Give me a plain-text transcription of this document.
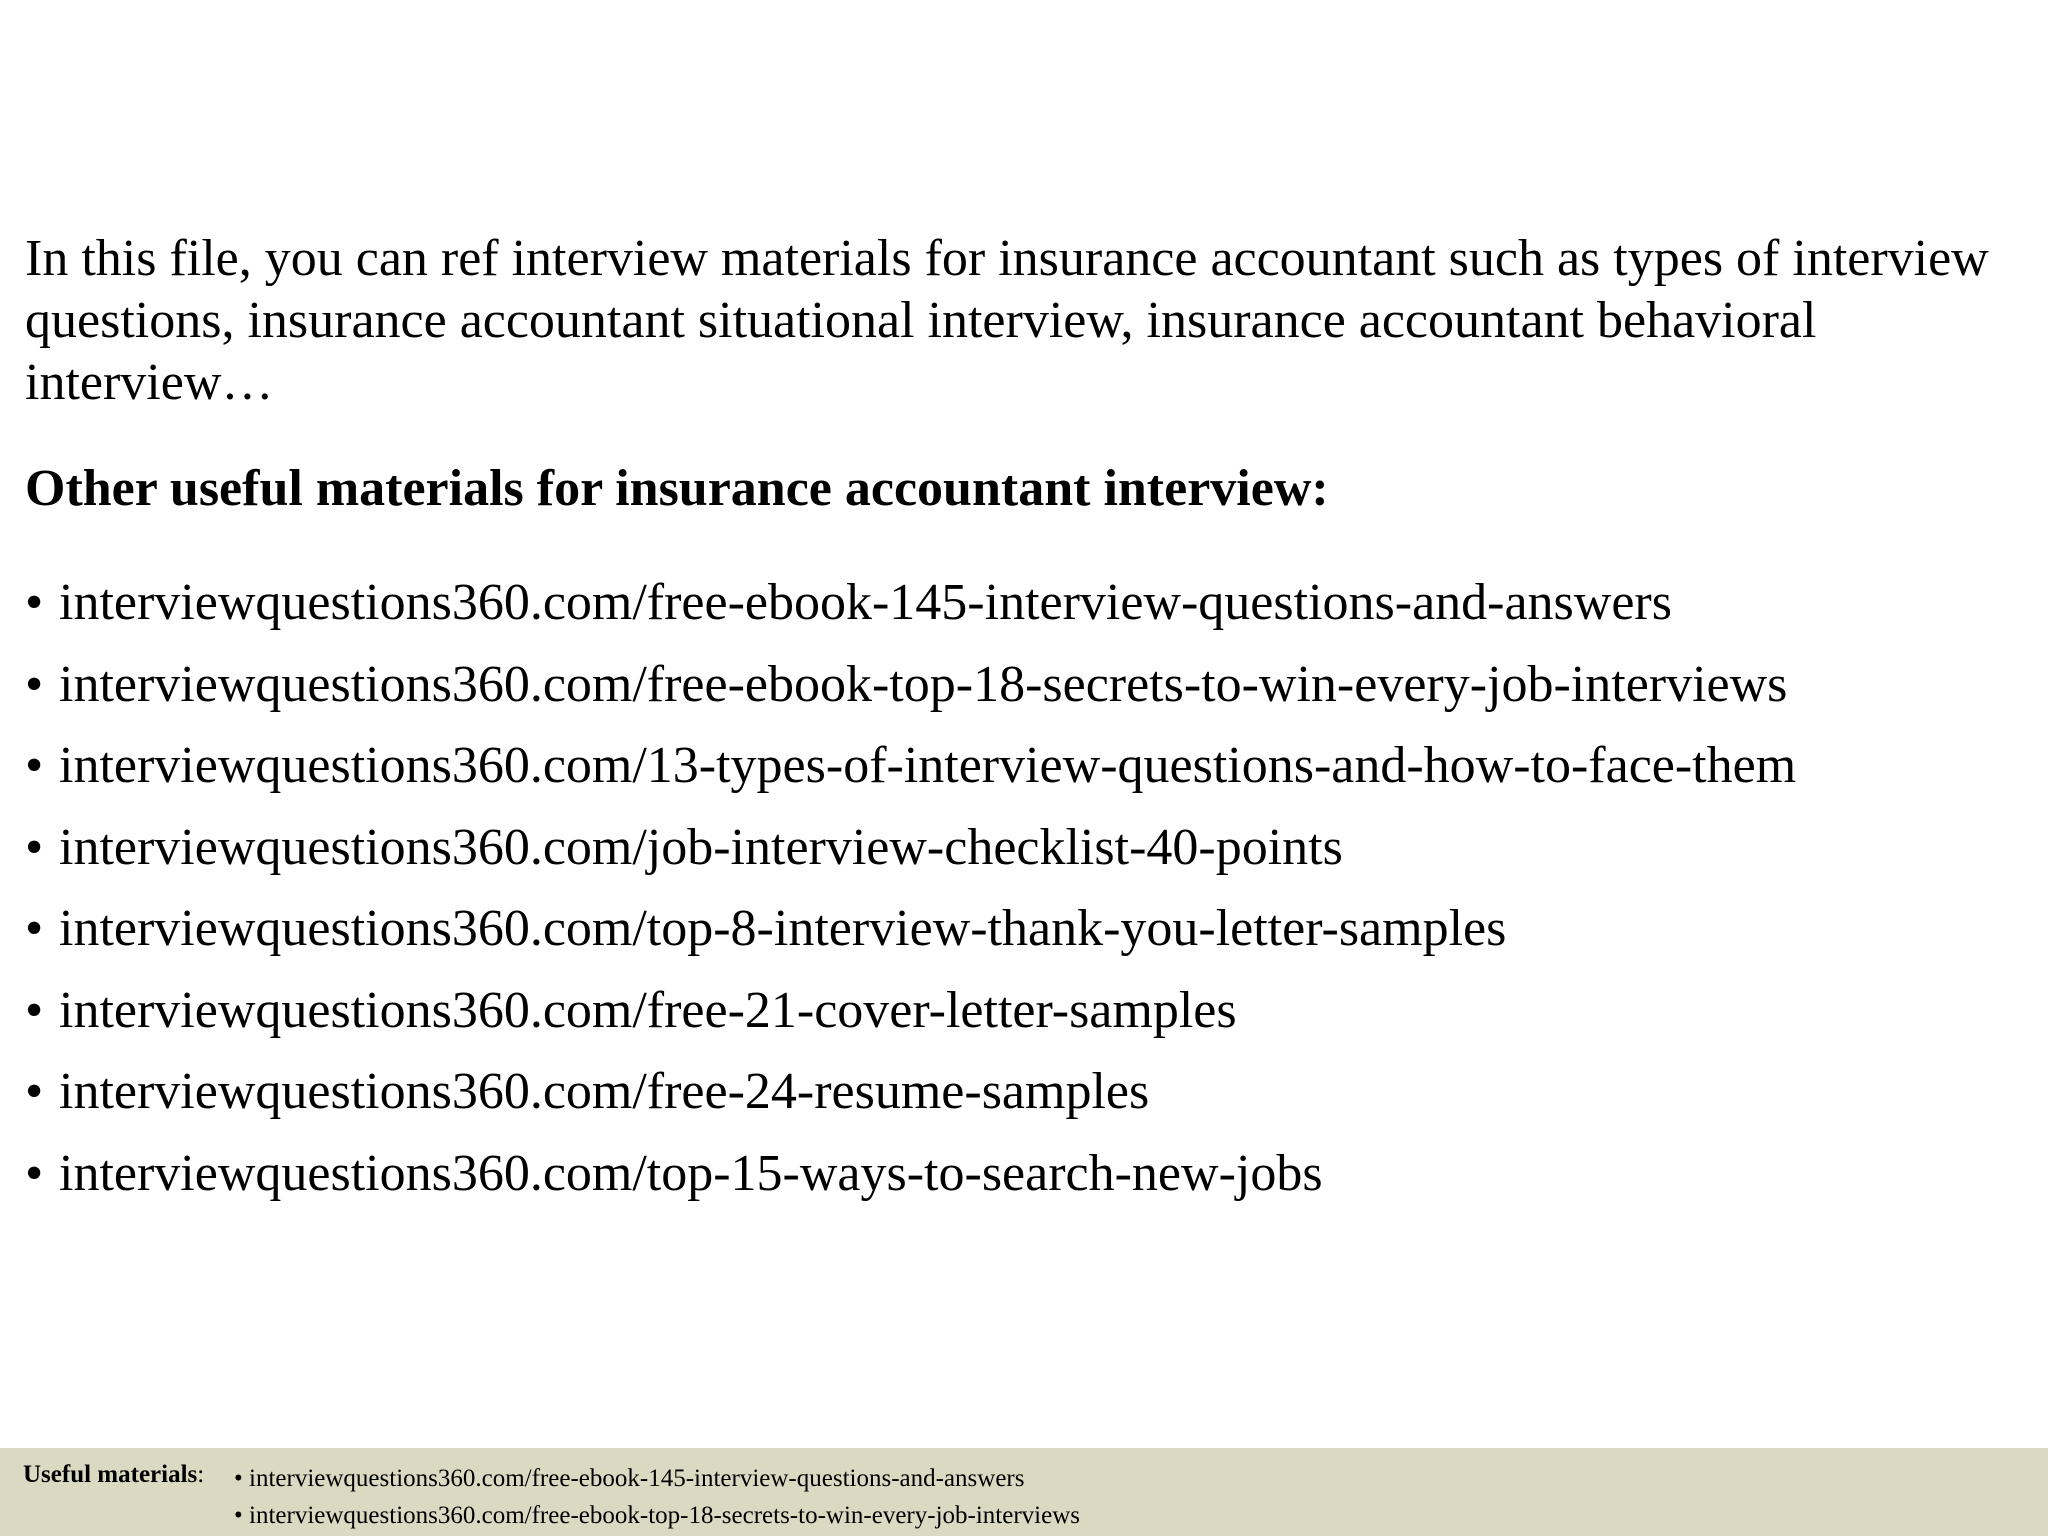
In this file, you can ref interview materials for insurance accountant such as types of interview questions, insurance accountant situational interview, insurance accountant behavioral interview…

Other useful materials for insurance accountant interview:
• interviewquestions360.com/free-ebook-145-interview-questions-and-answers
• interviewquestions360.com/free-ebook-top-18-secrets-to-win-every-job-interviews
• interviewquestions360.com/13-types-of-interview-questions-and-how-to-face-them
• interviewquestions360.com/job-interview-checklist-40-points
• interviewquestions360.com/top-8-interview-thank-you-letter-samples
• interviewquestions360.com/free-21-cover-letter-samples
• interviewquestions360.com/free-24-resume-samples
• interviewquestions360.com/top-15-ways-to-search-new-jobs
Useful materials: • interviewquestions360.com/free-ebook-145-interview-questions-and-answers
• interviewquestions360.com/free-ebook-top-18-secrets-to-win-every-job-interviews
